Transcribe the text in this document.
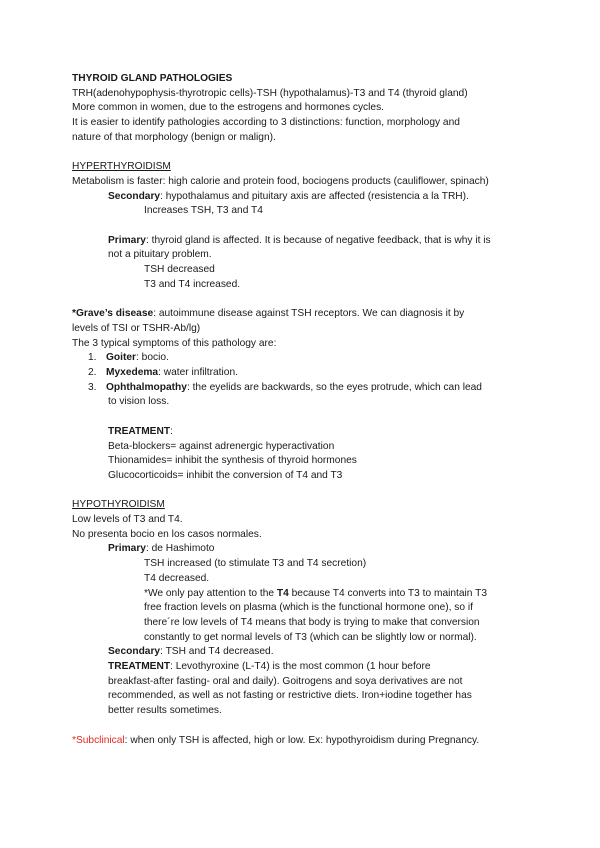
THYROID GLAND PATHOLOGIES
TRH(adenohypophysis-thyrotropic cells)-TSH (hypothalamus)-T3 and T4 (thyroid gland)
More common in women, due to the estrogens and hormones cycles.
It is easier to identify pathologies according to 3 distinctions: function, morphology and
nature of that morphology (benign or malign).
HYPERTHYROIDISM
Metabolism is faster: high calorie and protein food, bociogens products (cauliflower, spinach)
Secondary: hypothalamus and pituitary axis are affected (resistencia a la TRH).
Increases TSH, T3 and T4
Primary: thyroid gland is affected. It is because of negative feedback, that is why it is
not a pituitary problem.
TSH decreased
T3 and T4 increased.
*Grave’s disease: autoimmune disease against TSH receptors. We can diagnosis it by
levels of TSI or TSHR-Ab/lg)
The 3 typical symptoms of this pathology are:
1. Goiter: bocio.
2. Myxedema: water infiltration.
3. Ophthalmopathy: the eyelids are backwards, so the eyes protrude, which can lead
to vision loss.
TREATMENT:
Beta-blockers= against adrenergic hyperactivation
Thionamides= inhibit the synthesis of thyroid hormones
Glucocorticoids= inhibit the conversion of T4 and T3
HYPOTHYROIDISM
Low levels of T3 and T4.
No presenta bocio en los casos normales.
Primary: de Hashimoto
TSH increased (to stimulate T3 and T4 secretion)
T4 decreased.
*We only pay attention to the T4 because T4 converts into T3 to maintain T3
free fraction levels on plasma (which is the functional hormone one), so if
there´re low levels of T4 means that body is trying to make that conversion
constantly to get normal levels of T3 (which can be slightly low or normal).
Secondary: TSH and T4 decreased.
TREATMENT: Levothyroxine (L-T4) is the most common (1 hour before
breakfast-after fasting- oral and daily). Goitrogens and soya derivatives are not
recommended, as well as not fasting or restrictive diets. Iron+iodine together has
better results sometimes.
*Subclinical: when only TSH is affected, high or low. Ex: hypothyroidism during Pregnancy.
